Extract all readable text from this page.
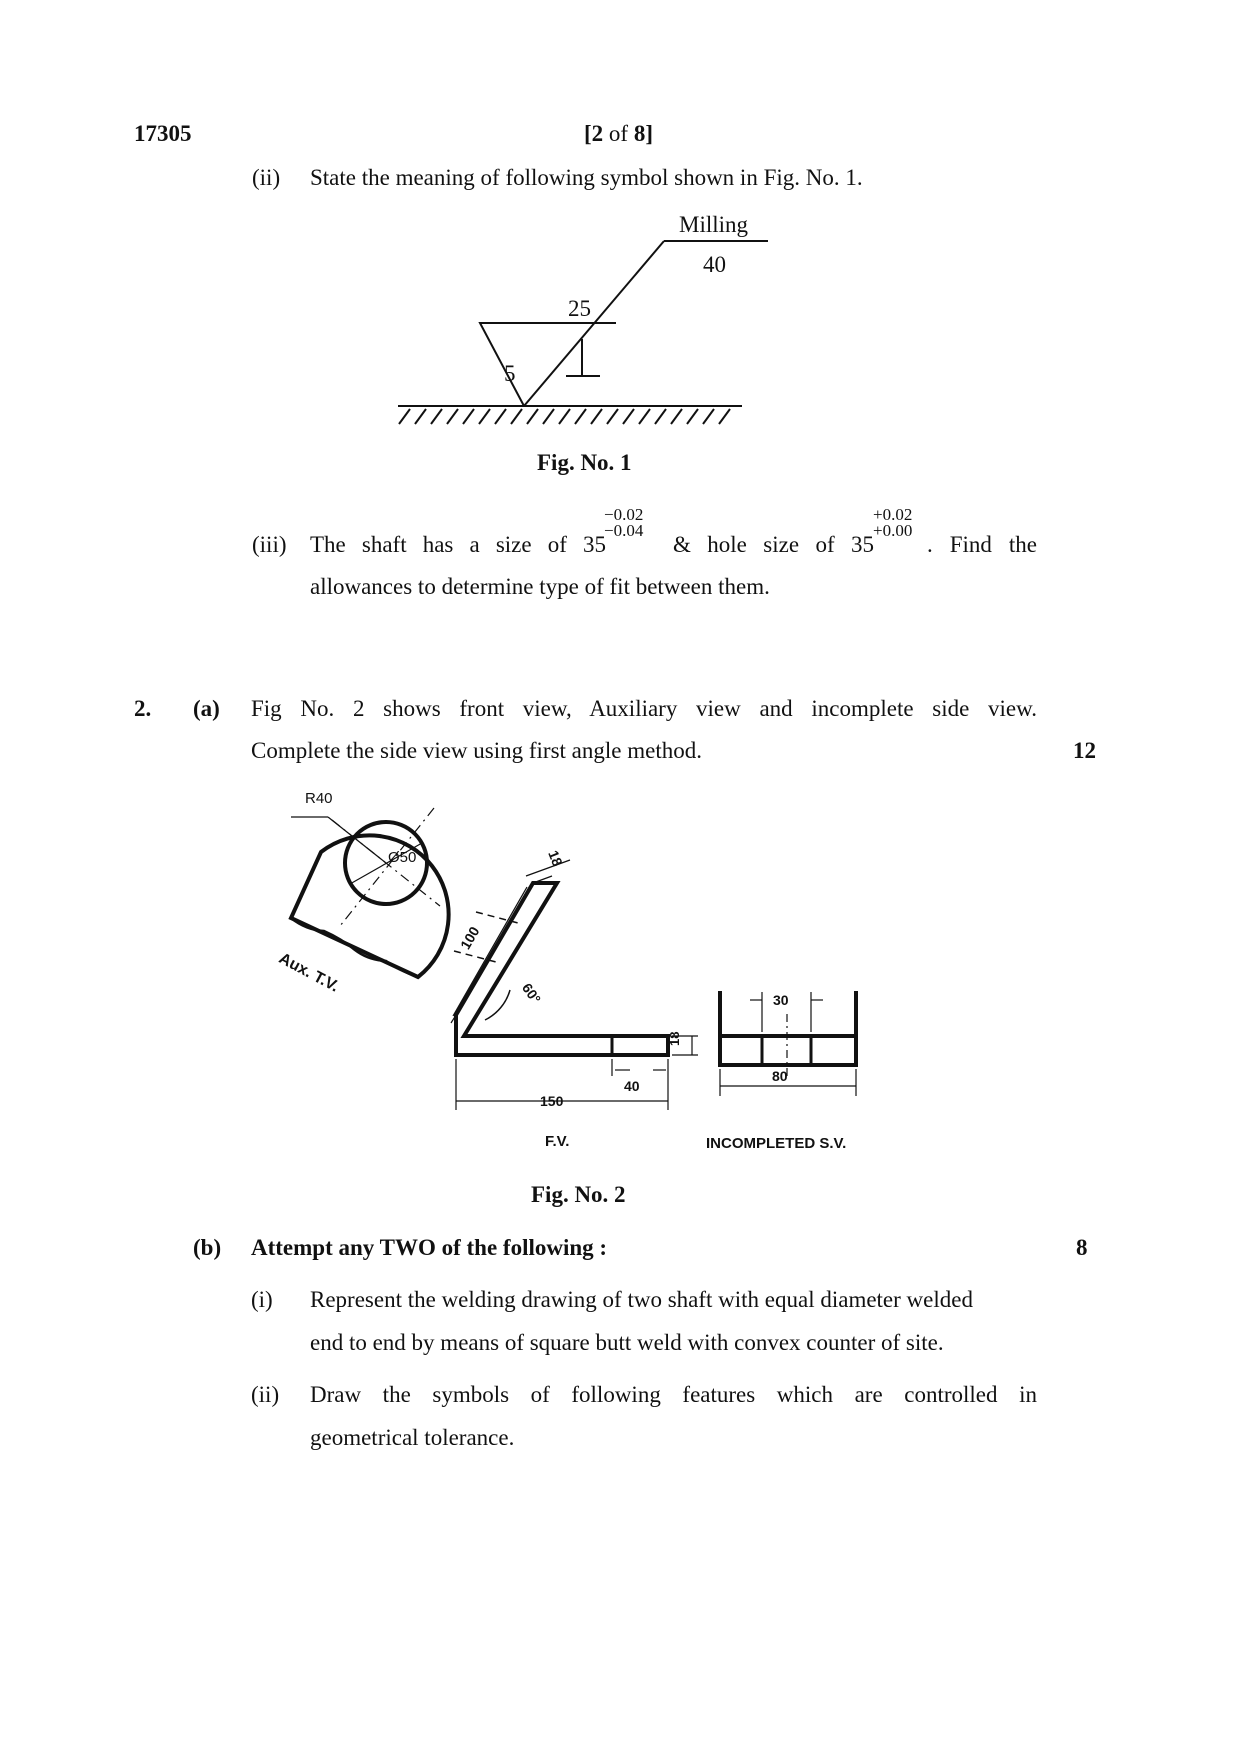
17305	[2 of 8]
(ii) State the meaning of following symbol shown in Fig. No. 1.
Milling
40
25
5
Fig. No. 1
(iii) The shaft has a size of 35
−0.02
−0.04
& hole size of 35
+0.02
+0.00
. Find the
allowances to determine type of fit between them.
2. (a) Fig No. 2 shows front view, Auxiliary view and incomplete side view.
Complete the side view using first angle method.	12
R40
Ø50
Aux. T.V.
18
100
60°
18
40
150
30
80
F.V.	INCOMPLETED S.V.
Fig. No. 2
(b) Attempt any TWO of the following :	8
(i) Represent the welding drawing of two shaft with equal diameter welded
end to end by means of square butt weld with convex counter of site.
(ii) Draw the symbols of following features which are controlled in
geometrical tolerance.
